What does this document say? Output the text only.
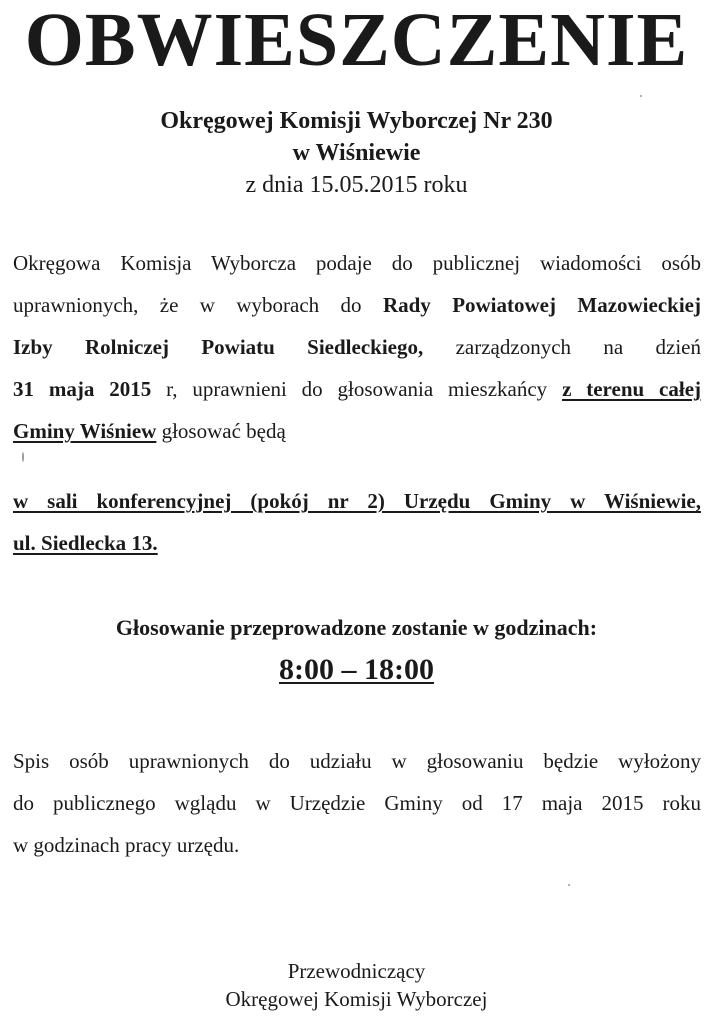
OBWIESZCZENIE

Okręgowej Komisji Wyborczej Nr 230

w Wiśniewie

z dnia 15.05.2015 roku

Okręgowa Komisja Wyborcza podaje do publicznej wiadomości osób
uprawnionych, że w wyborach do Rady Powiatowej Mazowieckiej
Izby Rolniczej Powiatu Siedleckiego, zarządzonych na dzień
31 maja 2015 r, uprawnieni do głosowania mieszkańcy z terenu całej
Gminy Wiśniew głosować będą
w sali konferencyjnej (pokój nr 2) Urzędu Gminy w Wiśniewie,
ul. Siedlecka 13.

Głosowanie przeprowadzone zostanie w godzinach:

8:00 – 18:00

Spis osób uprawnionych do udziału w głosowaniu będzie wyłożony
do publicznego wglądu w Urzędzie Gminy od 17 maja 2015 roku
w godzinach pracy urzędu.

Przewodniczący

Okręgowej Komisji Wyborczej
